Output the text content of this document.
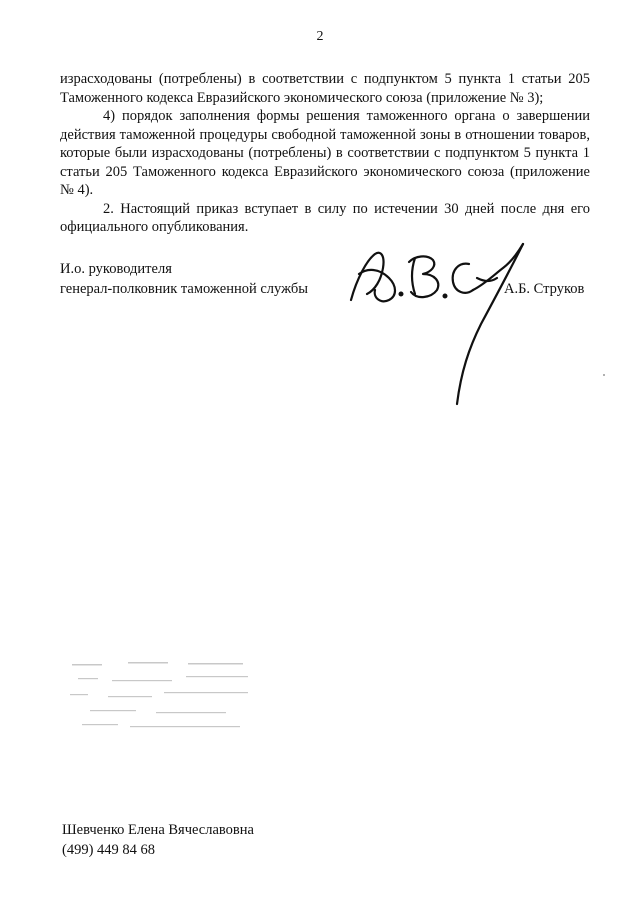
2

израсходованы (потреблены) в соответствии с подпунктом 5 пункта 1 статьи 205 Таможенного кодекса Евразийского экономического союза (приложение № 3);

4) порядок заполнения формы решения таможенного органа о завершении действия таможенной процедуры свободной таможенной зоны в отношении товаров, которые были израсходованы (потреблены) в соответствии с подпунктом 5 пункта 1 статьи 205 Таможенного кодекса Евразийского экономического союза (приложение № 4).

2. Настоящий приказ вступает в силу по истечении 30 дней после дня его официального опубликования.

И.о. руководителя
генерал-полковник таможенной службы	А.Б. Струков
Шевченко Елена Вячеславовна
(499) 449 84 68
